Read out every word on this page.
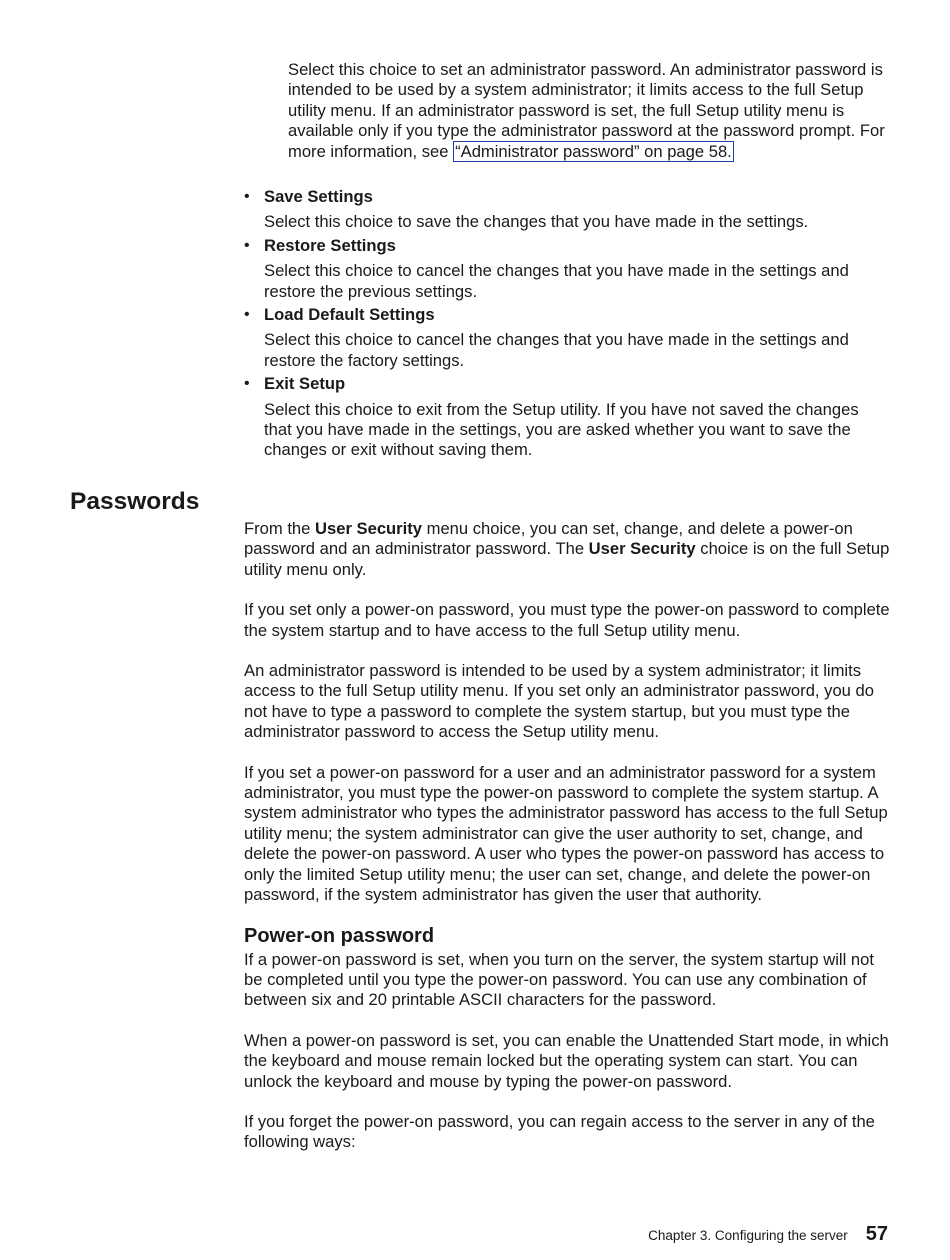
Select this choice to set an administrator password. An administrator password is intended to be used by a system administrator; it limits access to the full Setup utility menu. If an administrator password is set, the full Setup utility menu is available only if you type the administrator password at the password prompt. For more information, see “Administrator password” on page 58.

• Save Settings

Select this choice to save the changes that you have made in the settings.

• Restore Settings

Select this choice to cancel the changes that you have made in the settings and restore the previous settings.

• Load Default Settings

Select this choice to cancel the changes that you have made in the settings and restore the factory settings.

• Exit Setup

Select this choice to exit from the Setup utility. If you have not saved the changes that you have made in the settings, you are asked whether you want to save the changes or exit without saving them.

Passwords

From the User Security menu choice, you can set, change, and delete a power-on password and an administrator password. The User Security choice is on the full Setup utility menu only.

If you set only a power-on password, you must type the power-on password to complete the system startup and to have access to the full Setup utility menu.

An administrator password is intended to be used by a system administrator; it limits access to the full Setup utility menu. If you set only an administrator password, you do not have to type a password to complete the system startup, but you must type the administrator password to access the Setup utility menu.

If you set a power-on password for a user and an administrator password for a system administrator, you must type the power-on password to complete the system startup. A system administrator who types the administrator password has access to the full Setup utility menu; the system administrator can give the user authority to set, change, and delete the power-on password. A user who types the power-on password has access to only the limited Setup utility menu; the user can set, change, and delete the power-on password, if the system administrator has given the user that authority.

Power-on password

If a power-on password is set, when you turn on the server, the system startup will not be completed until you type the power-on password. You can use any combination of between six and 20 printable ASCII characters for the password.

When a power-on password is set, you can enable the Unattended Start mode, in which the keyboard and mouse remain locked but the operating system can start. You can unlock the keyboard and mouse by typing the power-on password.

If you forget the power-on password, you can regain access to the server in any of the following ways:

Chapter 3. Configuring the server 57
